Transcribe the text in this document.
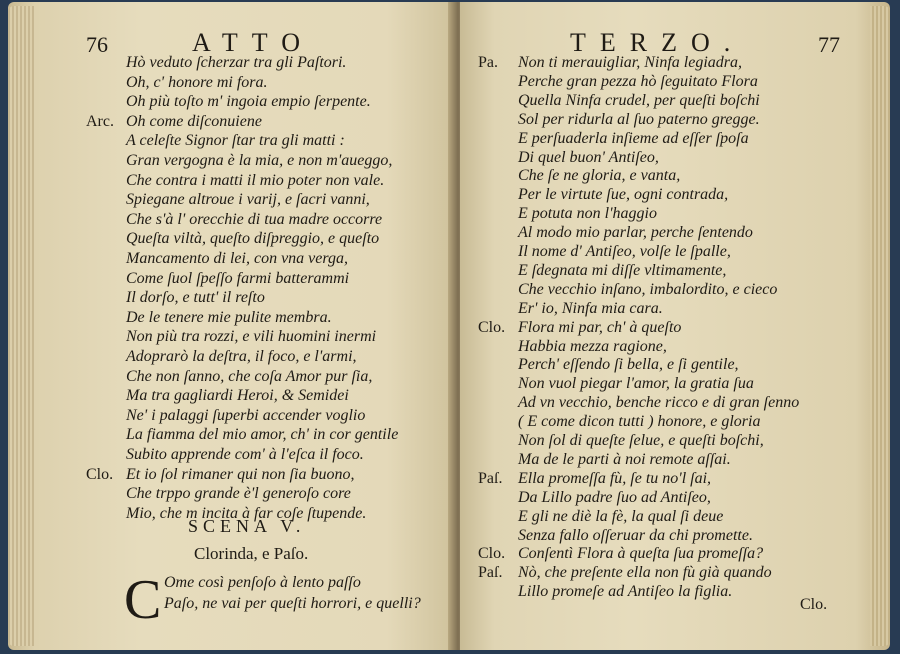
76	ATTO
Hò veduto ſcherzar tra gli Paſtori.
Oh, c' honore mi fora.
Oh più toſto m' ingoia empio ſerpente.
Oh come diſconuiene
A celeſte Signor ſtar tra gli matti :
Gran vergogna è la mia, e non m'aueggo,
Che contra i matti il mio poter non vale.
Spiegane altroue i varij, e ſacri vanni,
Che s'à l' orecchie di tua madre occorre
Queſta viltà, queſto diſpreggio, e queſto
Mancamento di lei, con vna verga,
Come ſuol ſpeſſo farmi batterammi
Il dorſo, e tutt' il reſto
De le tenere mie pulite membra.
Non più tra rozzi, e vili huomini inermi
Adoprarò la deſtra, il foco, e l'armi,
Che non ſanno, che coſa Amor pur ſia,
Ma tra gagliardi Heroi, & Semidei
Ne' i palaggi ſuperbi accender voglio
La fiamma del mio amor, ch' in cor gentile
Subito apprende com' à l'eſca il foco.
Et io ſol rimaner qui non ſia buono,
Che trppo grande è'l generoſo core
Mio, che m incita à far coſe ſtupende.
Arc.
Clo.
SCENA V.
Clorinda, e Paſo.
C Ome così penſoſo à lento paſſo
Paſo, ne vai per queſti horrori, e quelli?
TERZO.	77
Non ti merauigliar, Ninfa legiadra,
Perche gran pezza hò ſeguitato Flora
Quella Ninfa crudel, per queſti boſchi
Sol per ridurla al ſuo paterno gregge.
E perſuaderla inſieme ad eſſer ſpoſa
Di quel buon' Antiſeo,
Che ſe ne gloria, e vanta,
Per le virtute ſue, ogni contrada,
E potuta non l'haggio
Al modo mio parlar, perche ſentendo
Il nome d' Antiſeo, volſe le ſpalle,
E ſdegnata mi diſſe vltimamente,
Che vecchio inſano, imbalordito, e cieco
Er' io, Ninfa mia cara.
Flora mi par, ch' à queſto
Habbia mezza ragione,
Perch' eſſendo ſi bella, e ſi gentile,
Non vuol piegar l'amor, la gratia ſua
Ad vn vecchio, benche ricco e di gran ſenno
( E come dicon tutti ) honore, e gloria
Non ſol di queſte ſelue, e queſti boſchi,
Ma de le parti à noi remote aſſai.
Ella promeſſa fù, ſe tu no'l ſai,
Da Lillo padre ſuo ad Antiſeo,
E gli ne diè la fè, la qual ſi deue
Senza fallo oſſeruar da chi promette.
Conſentì Flora à queſta ſua promeſſa?
Nò, che preſente ella non fù già quando
Lillo promeſe ad Antiſeo la figlia.
Pa.
Clo.
Paſ.
Clo.
Paſ.
Clo.
